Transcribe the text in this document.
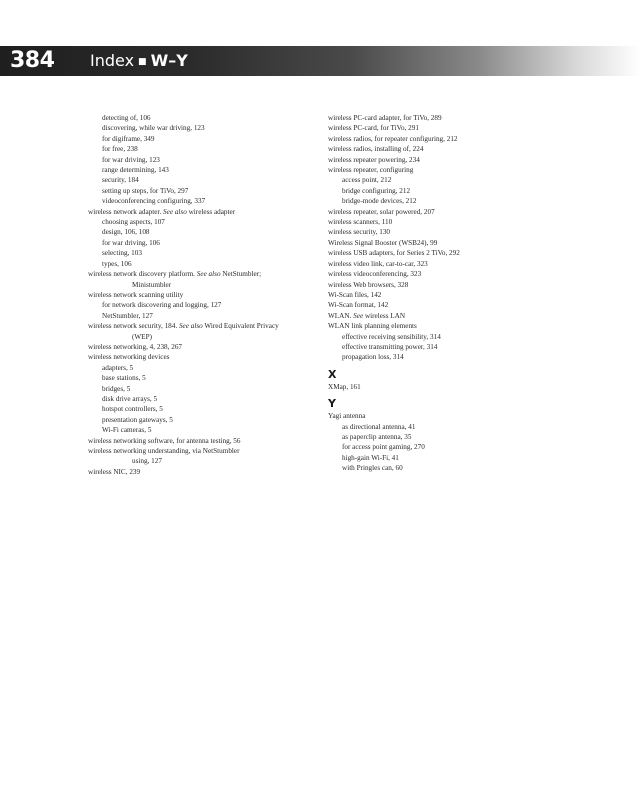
384 Index ■ W–Y
detecting of, 106
discovering, while war driving, 123
for digiframe, 349
for free, 238
for war driving, 123
range determining, 143
security, 184
setting up steps, for TiVo, 297
videoconferencing configuring, 337
wireless network adapter. See also wireless adapter
choosing aspects, 107
design, 106, 108
for war driving, 106
selecting, 103
types, 106
wireless network discovery platform. See also NetStumbler;
Ministumbler
wireless network scanning utility
for network discovering and logging, 127
NetStumbler, 127
wireless network security, 184. See also Wired Equivalent Privacy
(WEP)
wireless networking, 4, 238, 267
wireless networking devices
adapters, 5
base stations, 5
bridges, 5
disk drive arrays, 5
hotspot controllers, 5
presentation gateways, 5
Wi-Fi cameras, 5
wireless networking software, for antenna testing, 56
wireless networking understanding, via NetStumbler
using, 127
wireless NIC, 239
wireless PC-card adapter, for TiVo, 289
wireless PC-card, for TiVo, 291
wireless radios, for repeater configuring, 212
wireless radios, installing of, 224
wireless repeater powering, 234
wireless repeater, configuring
access point, 212
bridge configuring, 212
bridge-mode devices, 212
wireless repeater, solar powered, 207
wireless scanners, 110
wireless security, 130
Wireless Signal Booster (WSB24), 99
wireless USB adapters, for Series 2 TiVo, 292
wireless video link, car-to-car, 323
wireless videoconferencing, 323
wireless Web browsers, 328
Wi-Scan files, 142
Wi-Scan format, 142
WLAN. See wireless LAN
WLAN link planning elements
effective receiving sensibility, 314
effective transmitting power, 314
propagation loss, 314
X
XMap, 161
Y
Yagi antenna
as directional antenna, 41
as paperclip antenna, 35
for access point gaming, 270
high-gain Wi-Fi, 41
with Pringles can, 60
